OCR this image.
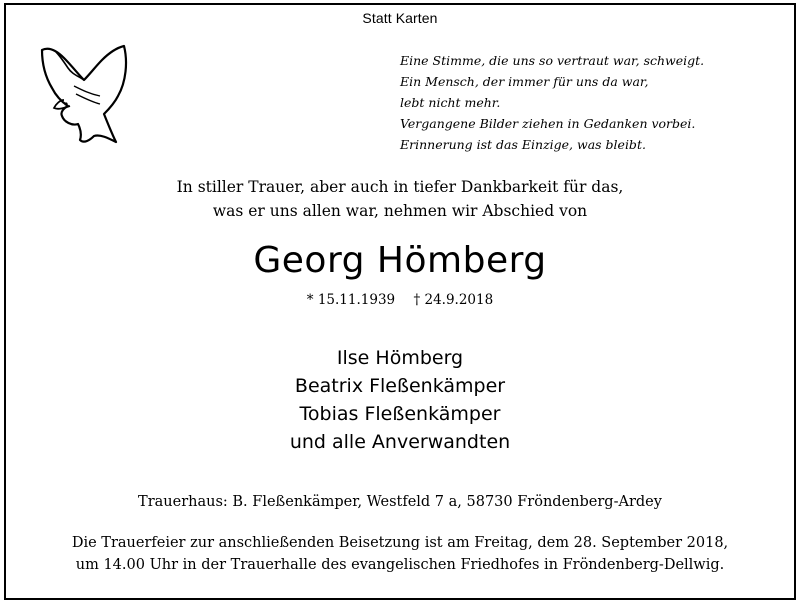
Statt Karten
Eine Stimme, die uns so vertraut war, schweigt.
Ein Mensch, der immer für uns da war,
lebt nicht mehr.
Vergangene Bilder ziehen in Gedanken vorbei.
Erinnerung ist das Einzige, was bleibt.
In stiller Trauer, aber auch in tiefer Dankbarkeit für das,
was er uns allen war, nehmen wir Abschied von
Georg Hömberg
* 15.11.1939 † 24.9.2018
Ilse Hömberg
Beatrix Fleßenkämper
Tobias Fleßenkämper
und alle Anverwandten
Trauerhaus: B. Fleßenkämper, Westfeld 7 a, 58730 Fröndenberg-Ardey
Die Trauerfeier zur anschließenden Beisetzung ist am Freitag, dem 28. September 2018,
um 14.00 Uhr in der Trauerhalle des evangelischen Friedhofes in Fröndenberg-Dellwig.
